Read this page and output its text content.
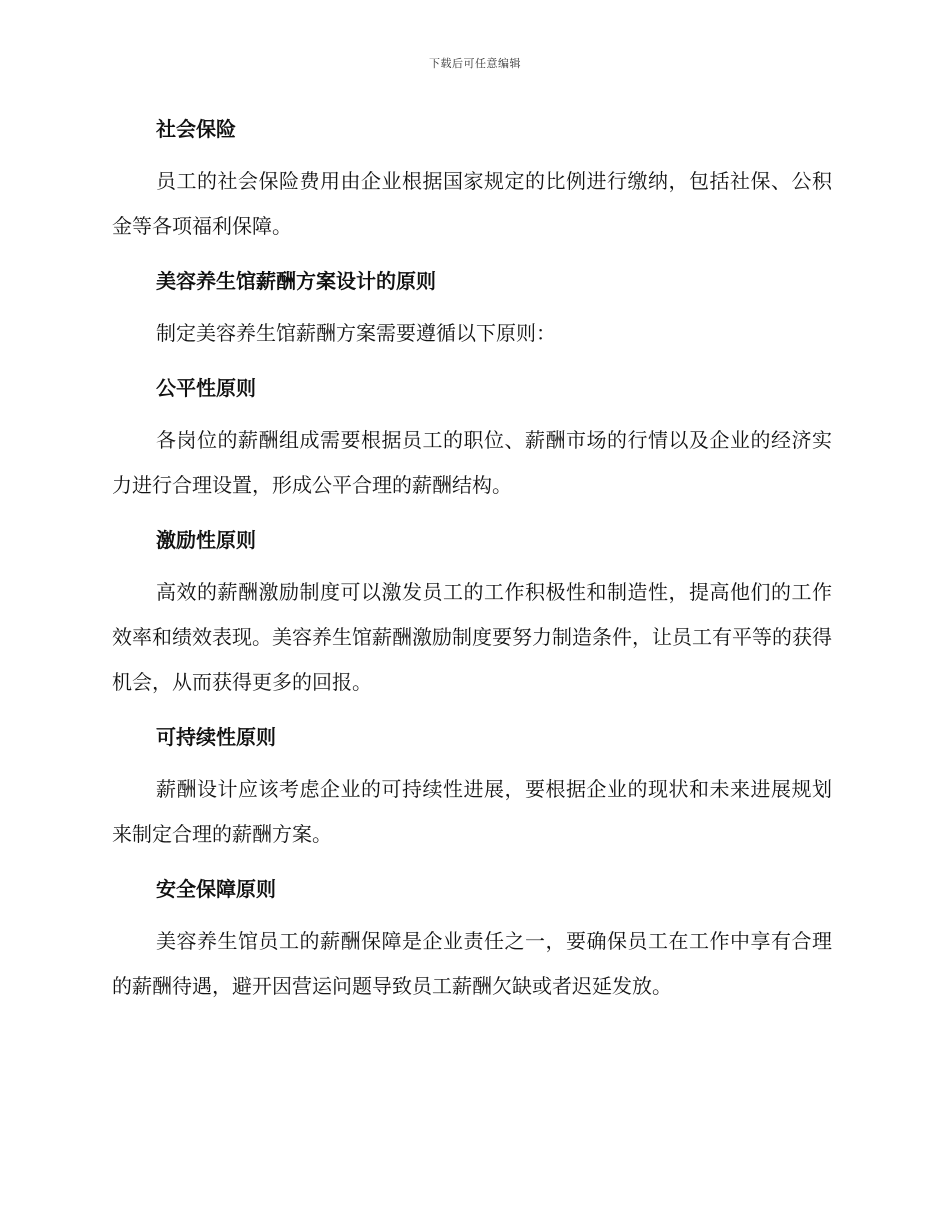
下载后可任意编辑
社会保险

员工的社会保险费用由企业根据国家规定的比例进行缴纳，包括社保、公积金等各项福利保障。

美容养生馆薪酬方案设计的原则

制定美容养生馆薪酬方案需要遵循以下原则：

公平性原则

各岗位的薪酬组成需要根据员工的职位、薪酬市场的行情以及企业的经济实力进行合理设置，形成公平合理的薪酬结构。

激励性原则

高效的薪酬激励制度可以激发员工的工作积极性和制造性，提高他们的工作效率和绩效表现。美容养生馆薪酬激励制度要努力制造条件，让员工有平等的获得机会，从而获得更多的回报。

可持续性原则

薪酬设计应该考虑企业的可持续性进展，要根据企业的现状和未来进展规划来制定合理的薪酬方案。

安全保障原则

美容养生馆员工的薪酬保障是企业责任之一，要确保员工在工作中享有合理的薪酬待遇，避开因营运问题导致员工薪酬欠缺或者迟延发放。
